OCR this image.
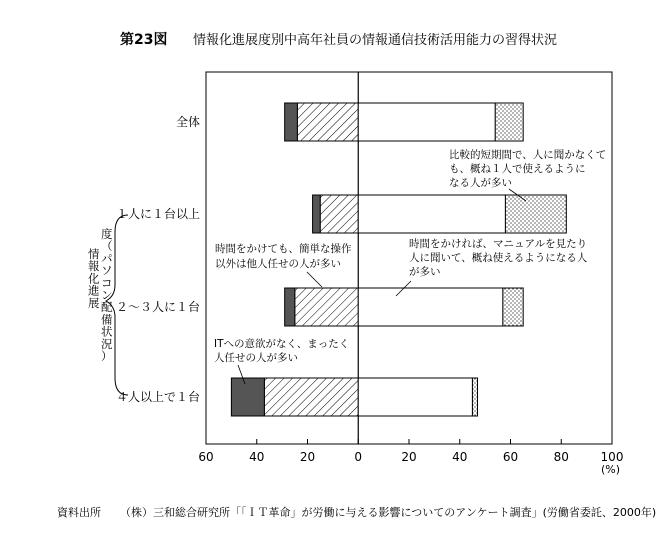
第23図 情報化進展度別中高年社員の情報通信技術活用能力の習得状況
全体
１人に１台以上
２～３人に１台
４人以上で１台
60	40	20	0	20	40	60	80	100
情報化進展度（パソコン配備状況）
(%)
比較的短期間で、人に聞かなくて
も、概ね１人で使えるように
なる人が多い
時間をかけても、簡単な操作
以外は他人任せの人が多い
時間をかければ、マニュアルを見たり
人に聞いて、概ね使えるようになる人
が多い
ITへの意欲がなく、まったく
人任せの人が多い
資料出所 （株）三和総合研究所「「ＩＴ革命」が労働に与える影響についてのアンケート調査」(労働省委託、2000年)
